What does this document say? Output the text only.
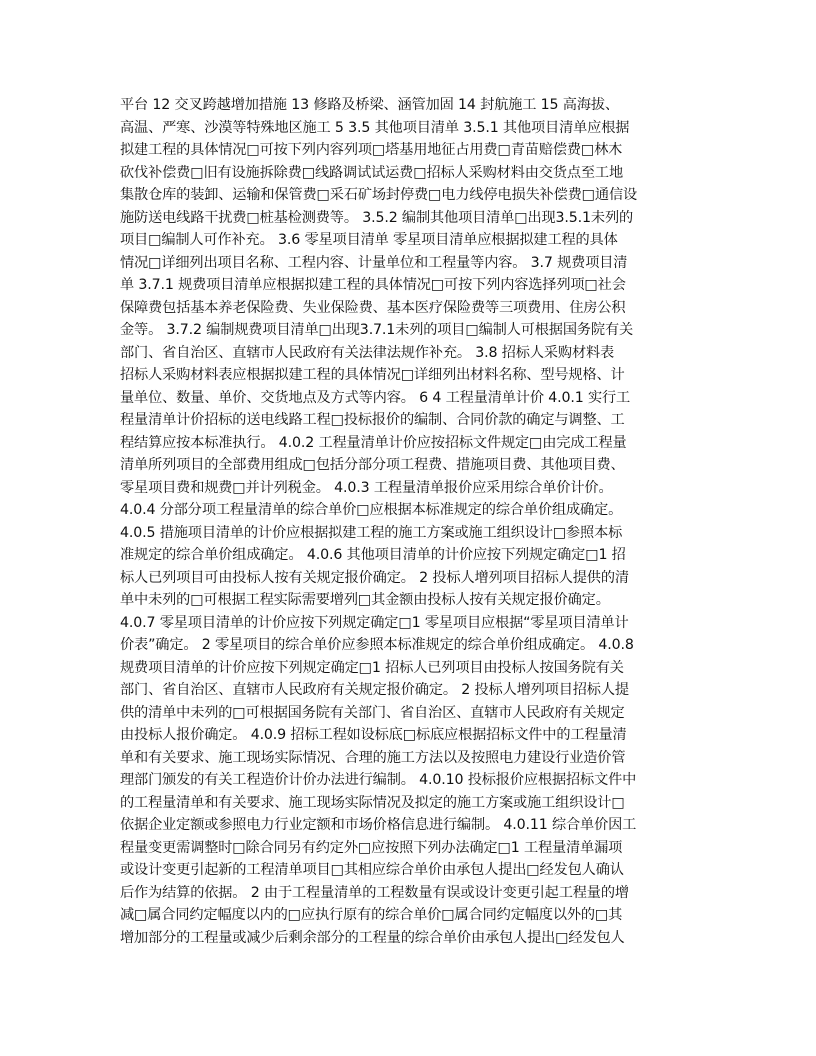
平台 12 交叉跨越增加措施 13 修路及桥梁、涵管加固 14 封航施工 15 高海拔、
高温、严寒、沙漠等特殊地区施工 5 3.5 其他项目清单 3.5.1 其他项目清单应根据
拟建工程的具体情况□可按下列内容列项□塔基用地征占用费□青苗赔偿费□林木
砍伐补偿费□旧有设施拆除费□线路调试试运费□招标人采购材料由交货点至工地
集散仓库的装卸、运输和保管费□采石矿场封停费□电力线停电损失补偿费□通信设
施防送电线路干扰费□桩基检测费等。 3.5.2 编制其他项目清单□出现3.5.1未列的
项目□编制人可作补充。 3.6 零星项目清单 零星项目清单应根据拟建工程的具体
情况□详细列出项目名称、工程内容、计量单位和工程量等内容。 3.7 规费项目清
单 3.7.1 规费项目清单应根据拟建工程的具体情况□可按下列内容选择列项□社会
保障费包括基本养老保险费、失业保险费、基本医疗保险费等三项费用、住房公积
金等。 3.7.2 编制规费项目清单□出现3.7.1未列的项目□编制人可根据国务院有关
部门、省自治区、直辖市人民政府有关法律法规作补充。 3.8 招标人采购材料表
招标人采购材料表应根据拟建工程的具体情况□详细列出材料名称、型号规格、计
量单位、数量、单价、交货地点及方式等内容。 6 4 工程量清单计价 4.0.1 实行工
程量清单计价招标的送电线路工程□投标报价的编制、合同价款的确定与调整、工
程结算应按本标准执行。 4.0.2 工程量清单计价应按招标文件规定□由完成工程量
清单所列项目的全部费用组成□包括分部分项工程费、措施项目费、其他项目费、
零星项目费和规费□并计列税金。 4.0.3 工程量清单报价应采用综合单价计价。
4.0.4 分部分项工程量清单的综合单价□应根据本标准规定的综合单价组成确定。
4.0.5 措施项目清单的计价应根据拟建工程的施工方案或施工组织设计□参照本标
准规定的综合单价组成确定。 4.0.6 其他项目清单的计价应按下列规定确定□1 招
标人已列项目可由投标人按有关规定报价确定。 2 投标人增列项目招标人提供的清
单中未列的□可根据工程实际需要增列□其金额由投标人按有关规定报价确定。
4.0.7 零星项目清单的计价应按下列规定确定□1 零星项目应根据“零星项目清单计
价表”确定。 2 零星项目的综合单价应参照本标准规定的综合单价组成确定。 4.0.8
规费项目清单的计价应按下列规定确定□1 招标人已列项目由投标人按国务院有关
部门、省自治区、直辖市人民政府有关规定报价确定。 2 投标人增列项目招标人提
供的清单中未列的□可根据国务院有关部门、省自治区、直辖市人民政府有关规定
由投标人报价确定。 4.0.9 招标工程如设标底□标底应根据招标文件中的工程量清
单和有关要求、施工现场实际情况、合理的施工方法以及按照电力建设行业造价管
理部门颁发的有关工程造价计价办法进行编制。 4.0.10 投标报价应根据招标文件中
的工程量清单和有关要求、施工现场实际情况及拟定的施工方案或施工组织设计□
依据企业定额或参照电力行业定额和市场价格信息进行编制。 4.0.11 综合单价因工
程量变更需调整时□除合同另有约定外□应按照下列办法确定□1 工程量清单漏项
或设计变更引起新的工程清单项目□其相应综合单价由承包人提出□经发包人确认
后作为结算的依据。 2 由于工程量清单的工程数量有误或设计变更引起工程量的增
减□属合同约定幅度以内的□应执行原有的综合单价□属合同约定幅度以外的□其
增加部分的工程量或减少后剩余部分的工程量的综合单价由承包人提出□经发包人
